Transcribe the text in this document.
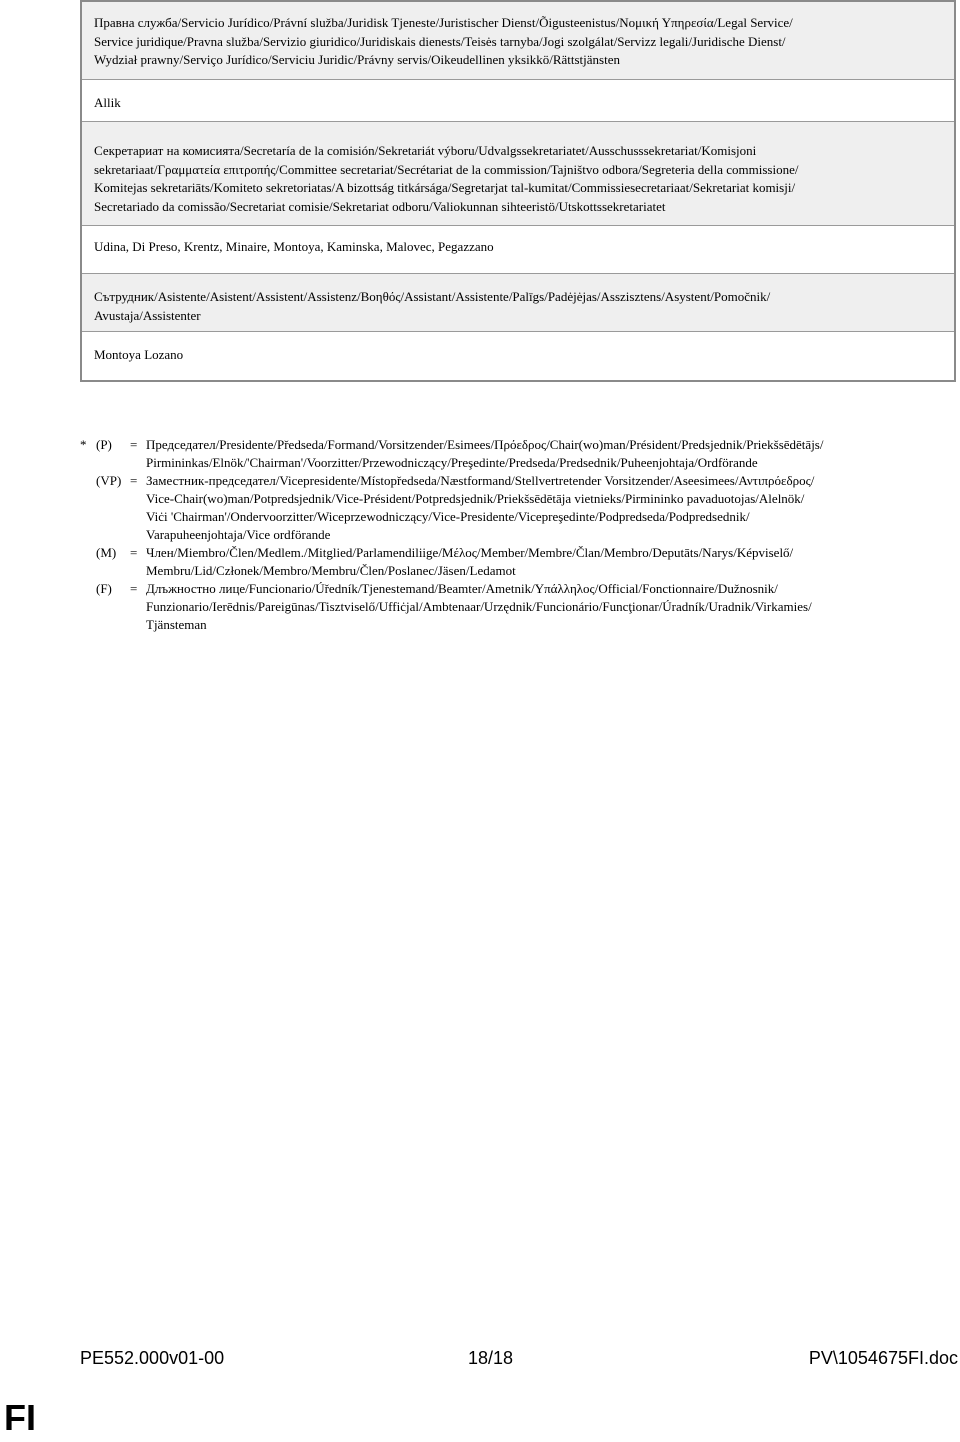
Правна служба/Servicio Jurídico/Právní služba/Juridisk Tjeneste/Juristischer Dienst/Õigusteenistus/Νομική Υπηρεσία/Legal Service/
Service juridique/Pravna služba/Servizio giuridico/Juridiskais dienests/Teisės tarnyba/Jogi szolgálat/Servizz legali/Juridische Dienst/
Wydział prawny/Serviço Jurídico/Serviciu Juridic/Právny servis/Oikeudellinen yksikkö/Rättstjänsten
Allik
Секретариат на комисията/Secretaría de la comisión/Sekretariát výboru/Udvalgssekretariatet/Ausschusssekretariat/Komisjoni
sekretariaat/Γραμματεία επιτροπής/Committee secretariat/Secrétariat de la commission/Tajništvo odbora/Segreteria della commissione/
Komitejas sekretariāts/Komiteto sekretoriatas/A bizottság titkársága/Segretarjat tal-kumitat/Commissiesecretariaat/Sekretariat komisji/
Secretariado da comissão/Secretariat comisie/Sekretariat odboru/Valiokunnan sihteeristö/Utskottssekretariatet
Udina, Di Preso, Krentz, Minaire, Montoya, Kaminska, Malovec, Pegazzano
Сътрудник/Asistente/Asistent/Assistent/Assistenz/Βοηθός/Assistant/Assistente/Palīgs/Padėjėjas/Asszisztens/Asystent/Pomočnik/
Avustaja/Assistenter
Montoya Lozano
* (P)	= Председател/Presidente/Předseda/Formand/Vorsitzender/Esimees/Πρόεδρος/Chair(wo)man/Président/Predsjednik/Priekšsēdētājs/
Pirmininkas/Elnök/'Chairman'/Voorzitter/Przewodniczący/Preşedinte/Predseda/Predsednik/Puheenjohtaja/Ordförande
(VP) = Заместник-председател/Vicepresidente/Místopředseda/Næstformand/Stellvertretender Vorsitzender/Aseesimees/Αντιπρόεδρος/
Vice-Chair(wo)man/Potpredsjednik/Vice-Président/Potpredsjednik/Priekšsēdētāja vietnieks/Pirmininko pavaduotojas/Alelnök/
Viċi 'Chairman'/Ondervoorzitter/Wiceprzewodniczący/Vice-Presidente/Vicepreşedinte/Podpredseda/Podpredsednik/
Varapuheenjohtaja/Vice ordförande
(M)	= Член/Miembro/Člen/Medlem./Mitglied/Parlamendiliige/Μέλος/Member/Membre/Član/Membro/Deputāts/Narys/Képviselő/
Membru/Lid/Członek/Membro/Membru/Člen/Poslanec/Jäsen/Ledamot
(F)	= Длъжностно лице/Funcionario/Úředník/Tjenestemand/Beamter/Ametnik/Υπάλληλος/Official/Fonctionnaire/Dužnosnik/
Funzionario/Ierēdnis/Pareigūnas/Tisztviselő/Uffiċjal/Ambtenaar/Urzędnik/Funcionário/Funcţionar/Úradník/Uradnik/Virkamies/
Tjänsteman
PE552.000v01-00	18/18	PV\1054675FI.doc
FI
